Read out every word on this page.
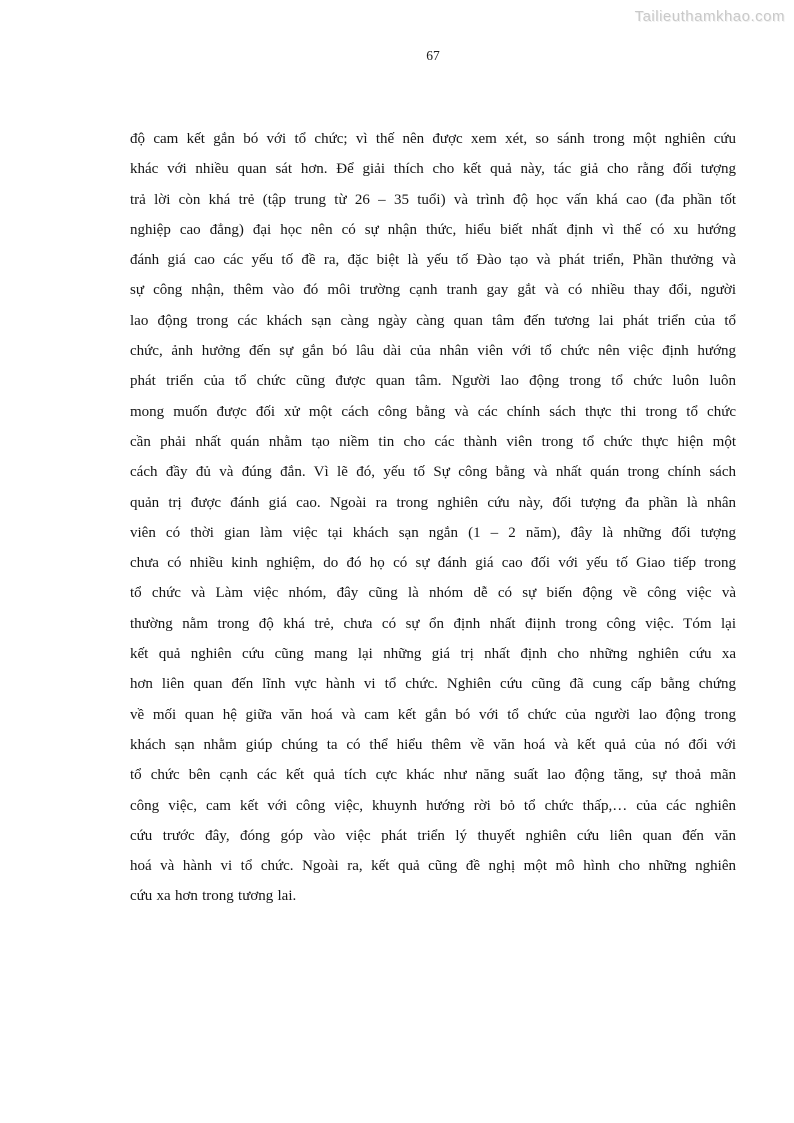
Tailieuthamkhao.com
67
độ cam kết gắn bó với tổ chức; vì thế nên được xem xét, so sánh trong một nghiên cứu
khác với nhiều quan sát hơn. Để giải thích cho kết quả này, tác giả cho rằng đối tượng
trả lời còn khá trẻ (tập trung từ 26 – 35 tuổi) và trình độ học vấn khá cao (đa phần tốt
nghiệp cao đẳng) đại học nên có sự nhận thức, hiểu biết nhất định vì thế có xu hướng
đánh giá cao các yếu tố đề ra, đặc biệt là yếu tố Đào tạo và phát triển, Phần thưởng và
sự công nhận, thêm vào đó môi trường cạnh tranh gay gắt và có nhiều thay đổi, người
lao động trong các khách sạn càng ngày càng quan tâm đến tương lai phát triển của tổ
chức, ảnh hưởng đến sự gắn bó lâu dài của nhân viên với tổ chức nên việc định hướng
phát triển của tổ chức cũng được quan tâm. Người lao động trong tổ chức luôn luôn
mong muốn được đối xử một cách công bằng và các chính sách thực thi trong tổ chức
cần phải nhất quán nhằm tạo niềm tin cho các thành viên trong tổ chức thực hiện một
cách đầy đủ và đúng đắn. Vì lẽ đó, yếu tố Sự công bằng và nhất quán trong chính sách
quản trị được đánh giá cao. Ngoài ra trong nghiên cứu này, đối tượng đa phần là nhân
viên có thời gian làm việc tại khách sạn ngắn (1 – 2 năm), đây là những đối tượng
chưa có nhiều kinh nghiệm, do đó họ có sự đánh giá cao đối với yếu tố Giao tiếp trong
tổ chức và Làm việc nhóm, đây cũng là nhóm dễ có sự biến động về công việc và
thường nằm trong độ khá trẻ, chưa có sự ổn định nhất điịnh trong công việc. Tóm lại
kết quả nghiên cứu cũng mang lại những giá trị nhất định cho những nghiên cứu xa
hơn liên quan đến lĩnh vực hành vi tổ chức. Nghiên cứu cũng đã cung cấp bằng chứng
về mối quan hệ giữa văn hoá và cam kết gắn bó với tổ chức của người lao động trong
khách sạn nhằm giúp chúng ta có thể hiểu thêm về văn hoá và kết quả của nó đối với
tổ chức bên cạnh các kết quả tích cực khác như năng suất lao động tăng, sự thoả mãn
công việc, cam kết với công việc, khuynh hướng rời bỏ tổ chức thấp,… của các nghiên
cứu trước đây, đóng góp vào việc phát triển lý thuyết nghiên cứu liên quan đến văn
hoá và hành vi tổ chức. Ngoài ra, kết quả cũng đề nghị một mô hình cho những nghiên
cứu xa hơn trong tương lai.
